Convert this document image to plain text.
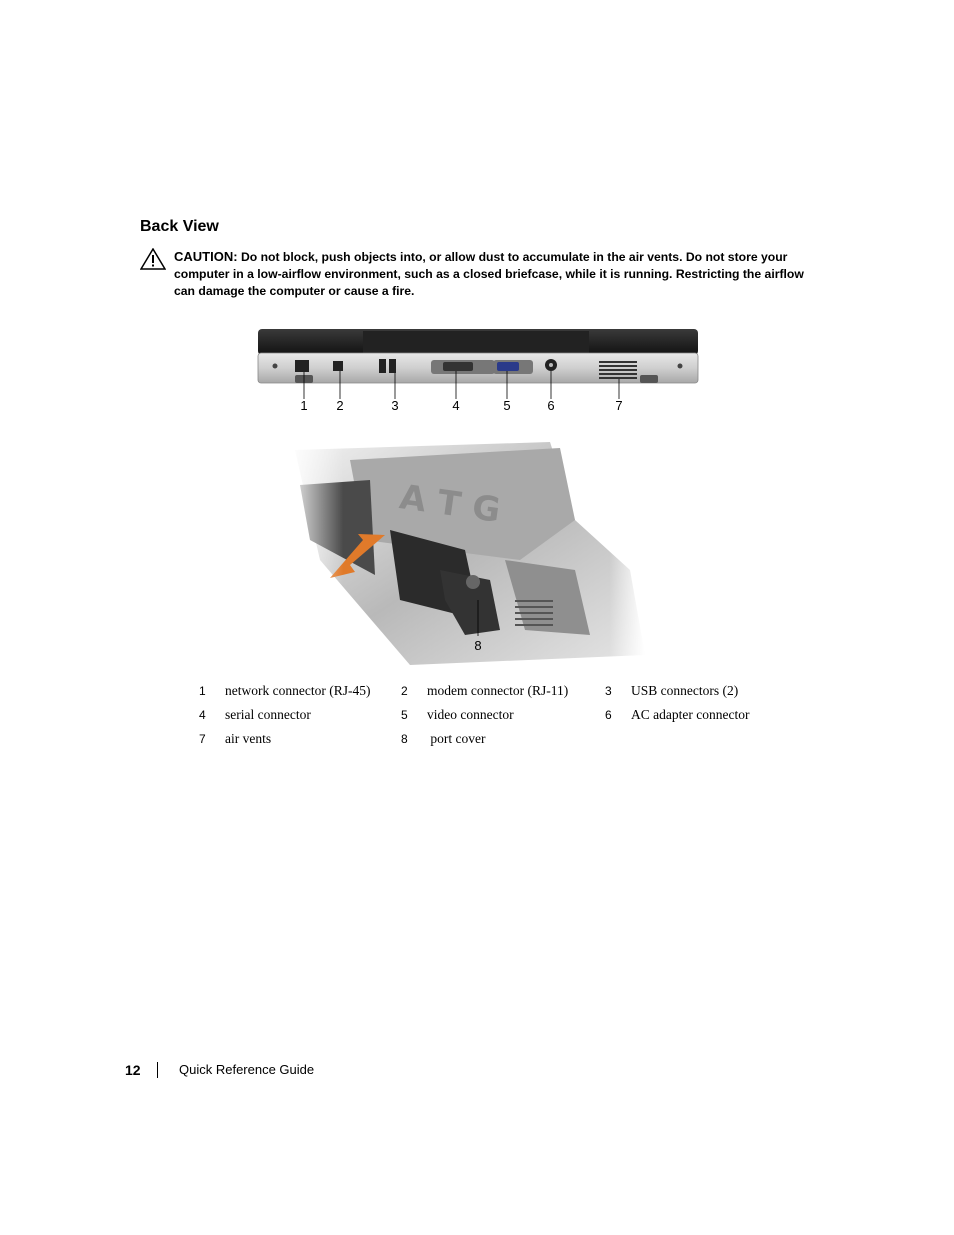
Back View
CAUTION: Do not block, push objects into, or allow dust to accumulate in the air vents. Do not store your computer in a low-airflow environment, such as a closed briefcase, while it is running. Restricting the airflow can damage the computer or cause a fire.
1	2	3	4	5	6	7
8
1	network connector (RJ-45)	2	modem connector (RJ-11)	3	USB connectors (2)
4	serial connector	5	video connector	6	AC adapter connector
7	air vents	8	port cover		
12	Quick Reference Guide
